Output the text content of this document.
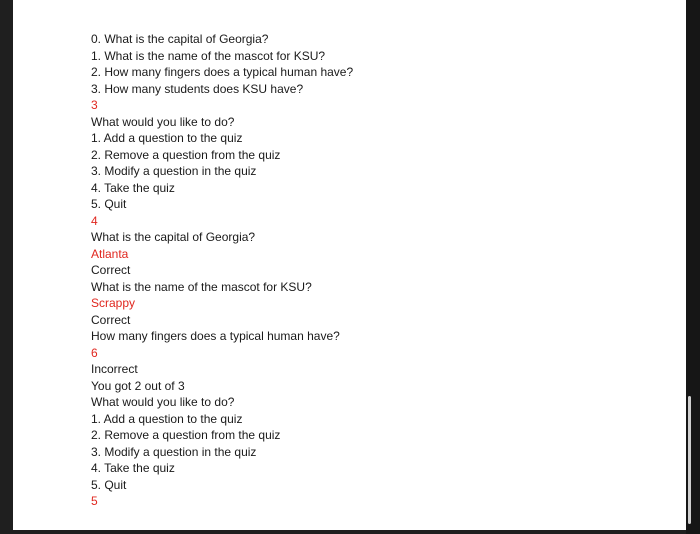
0. What is the capital of Georgia?
1. What is the name of the mascot for KSU?
2. How many fingers does a typical human have?
3. How many students does KSU have?
3
What would you like to do?
1. Add a question to the quiz
2. Remove a question from the quiz
3. Modify a question in the quiz
4. Take the quiz
5. Quit
4
What is the capital of Georgia?
Atlanta
Correct
What is the name of the mascot for KSU?
Scrappy
Correct
How many fingers does a typical human have?
6
Incorrect
You got 2 out of 3
What would you like to do?
1. Add a question to the quiz
2. Remove a question from the quiz
3. Modify a question in the quiz
4. Take the quiz
5. Quit
5
